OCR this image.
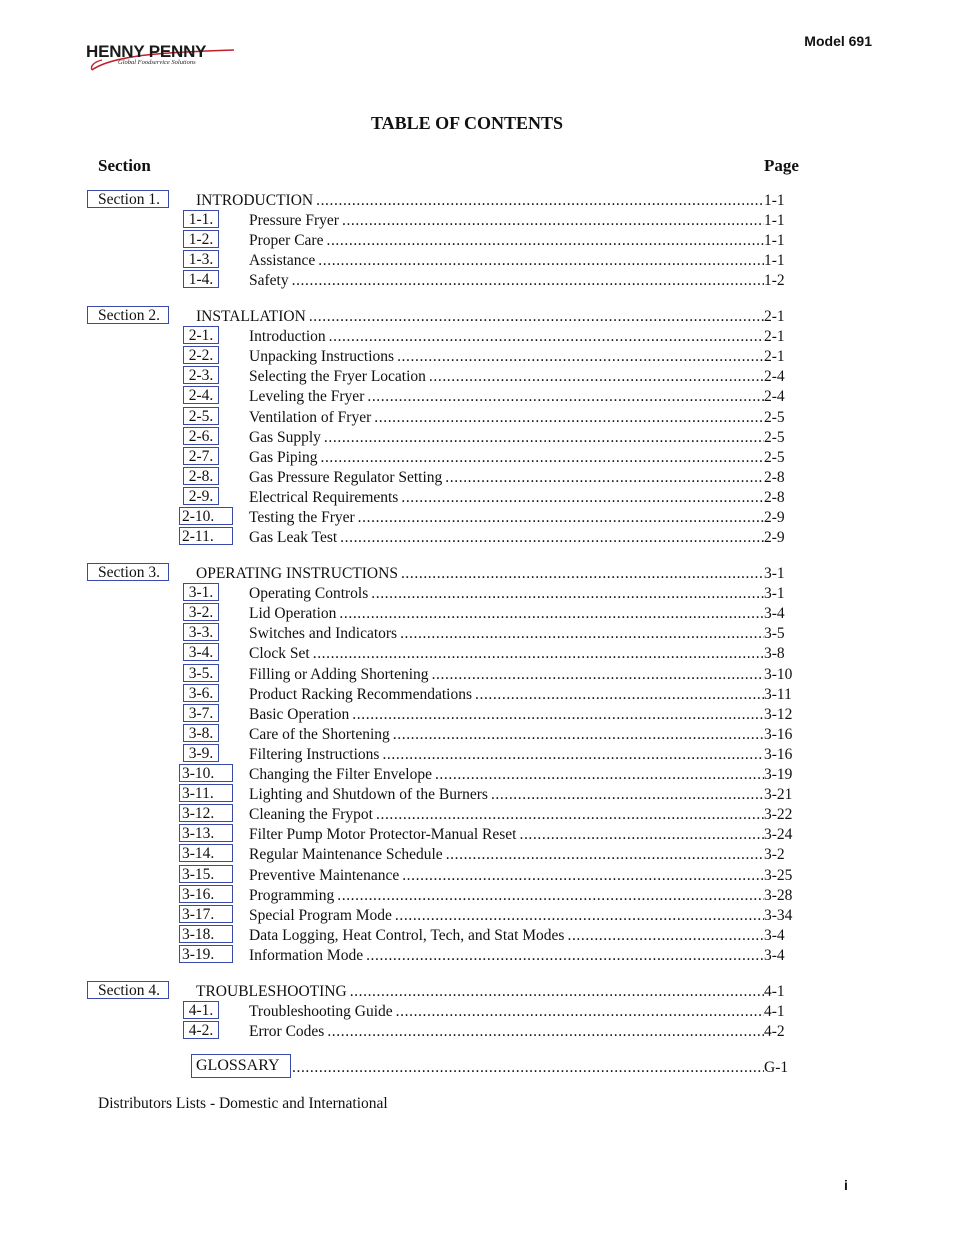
HENNY PENNY
Global Foodservice Solutions
Model 691
TABLE OF CONTENTS
Section	Page
Section 1.	INTRODUCTION .....	1-1
1-1.	Pressure Fryer .....	1-1
1-2.	Proper Care .....	1-1
1-3.	Assistance .....	1-1
1-4.	Safety .....	1-2
Section 2.	INSTALLATION .....	2-1
2-1.	Introduction .....	2-1
2-2.	Unpacking Instructions .....	2-1
2-3.	Selecting the Fryer Location .....	2-4
2-4.	Leveling the Fryer .....	2-4
2-5.	Ventilation of Fryer .....	2-5
2-6.	Gas Supply .....	2-5
2-7.	Gas Piping .....	2-5
2-8.	Gas Pressure Regulator Setting .....	2-8
2-9.	Electrical Requirements .....	2-8
2-10.	Testing the Fryer .....	2-9
2-11.	Gas Leak Test .....	2-9
Section 3.	OPERATING INSTRUCTIONS .....	3-1
3-1.	Operating Controls .....	3-1
3-2.	Lid Operation .....	3-4
3-3.	Switches and Indicators .....	3-5
3-4.	Clock Set .....	3-8
3-5.	Filling or Adding Shortening .....	3-10
3-6.	Product Racking Recommendations .....	3-11
3-7.	Basic Operation .....	3-12
3-8.	Care of the Shortening .....	3-16
3-9.	Filtering Instructions .....	3-16
3-10.	Changing the Filter Envelope .....	3-19
3-11.	Lighting and Shutdown of the Burners .....	3-21
3-12.	Cleaning the Frypot .....	3-22
3-13.	Filter Pump Motor Protector-Manual Reset .....	3-24
3-14.	Regular Maintenance Schedule .....	3-2
3-15.	Preventive Maintenance .....	3-25
3-16.	Programming .....	3-28
3-17.	Special Program Mode .....	3-34
3-18.	Data Logging, Heat Control, Tech, and Stat Modes .....	3-4
3-19.	Information Mode .....	3-4
Section 4.	TROUBLESHOOTING .....	4-1
4-1.	Troubleshooting Guide .....	4-1
4-2.	Error Codes .....	4-2
GLOSSARY .....	G-1
Distributors Lists - Domestic and International
i
